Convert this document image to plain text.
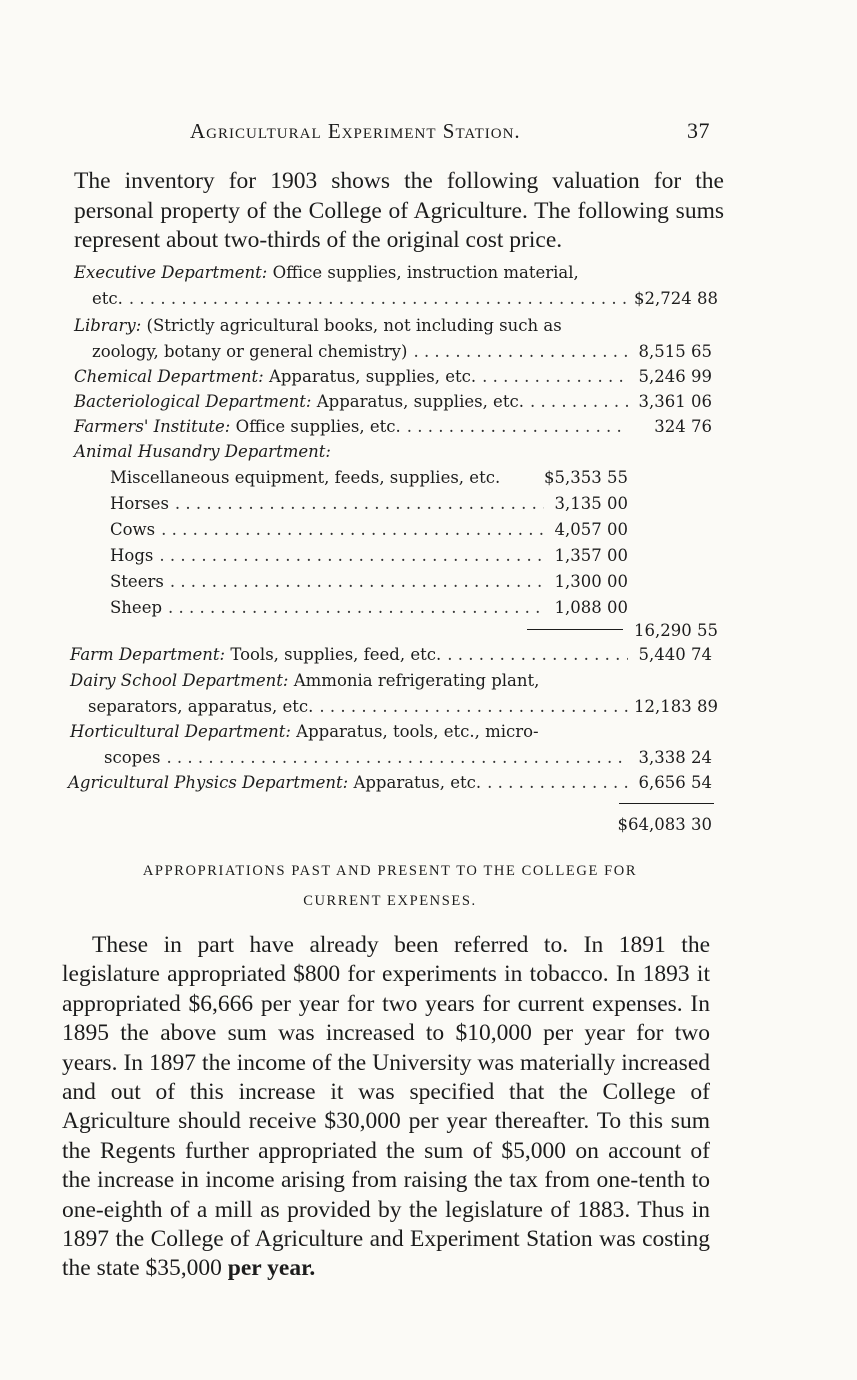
Agricultural Experiment Station.	37

The inventory for 1903 shows the following valuation for the personal property of the College of Agriculture. The following sums represent about two-thirds of the original cost price.

Executive Department:
Office supplies, instruction material,
etc. . . .	$2,724 88
Library:
(Strictly agricultural books, not including such as
zoology, botany or general chemistry) . . .	8,515 65
Chemical Department:
Apparatus, supplies, etc. . . .	5,246 99
Bacteriological Department:
Apparatus, supplies, etc. . . .	3,361 06
Farmers' Institute:
Office supplies, etc. . . .	324 76
Animal Husandry Department:
Miscellaneous equipment, feeds, supplies, etc.	$5,353 55
Horses . . .	3,135 00
Cows . . .	4,057 00
Hogs . . .	1,357 00
Steers . . .	1,300 00
Sheep . . .	1,088 00
16,290 55
Farm Department:
Tools, supplies, feed, etc. . . .	5,440 74
Dairy School Department:
Ammonia refrigerating plant,
separators, apparatus, etc. . . .	12,183 89
Horticultural Department:
Apparatus, tools, etc., micro-
scopes . . .	3,338 24
Agricultural Physics Department:
Apparatus, etc. . . .	6,656 54
$64,083 30
APPROPRIATIONS PAST AND PRESENT TO THE COLLEGE FOR
CURRENT EXPENSES.

These in part have already been referred to. In 1891 the legislature appropriated $800 for experiments in tobacco. In 1893 it appropriated $6,666 per year for two years for current expenses. In 1895 the above sum was increased to $10,000 per year for two years. In 1897 the income of the University was materially increased and out of this increase it was specified that the College of Agriculture should receive $30,000 per year thereafter. To this sum the Regents further appropriated the sum of $5,000 on account of the increase in income arising from raising the tax from one-tenth to one-eighth of a mill as provided by the legislature of 1883. Thus in 1897 the College of Agriculture and Experiment Station was costing the state $35,000 per year.
